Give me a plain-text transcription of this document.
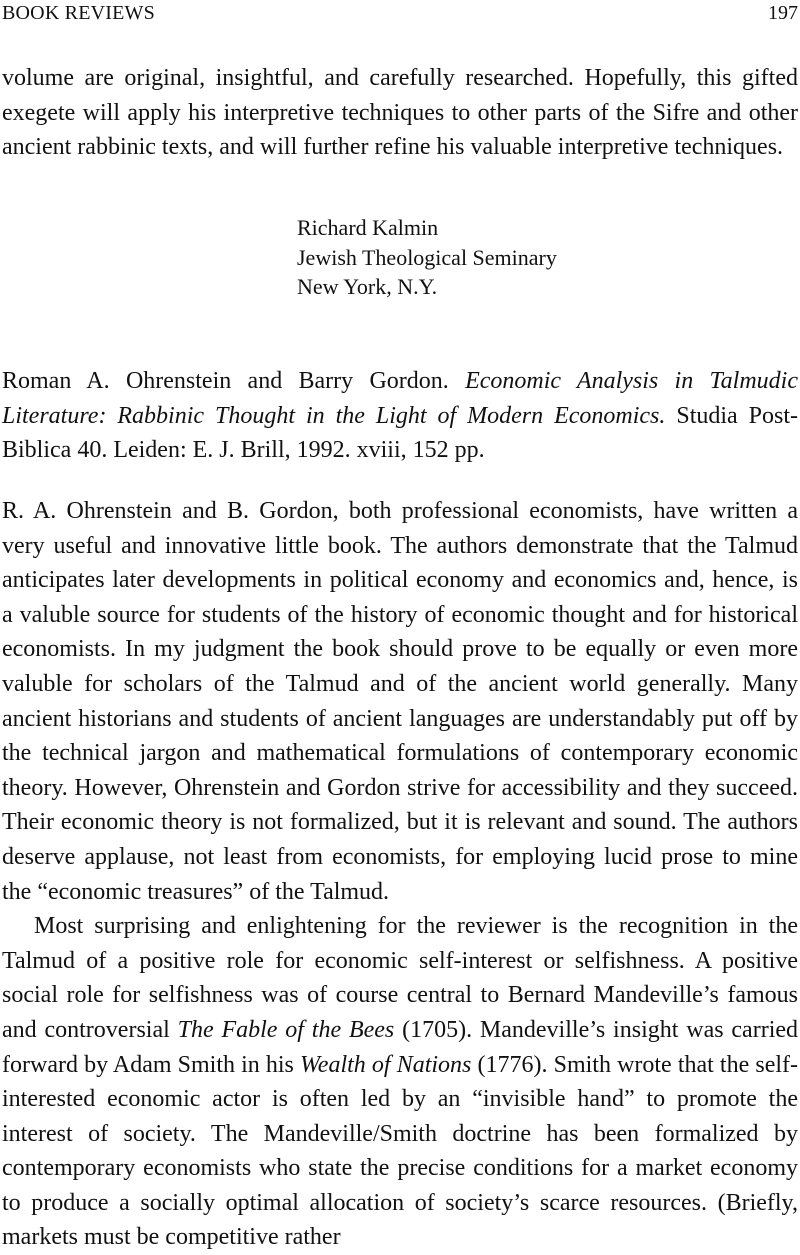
BOOK REVIEWS	197

volume are original, insightful, and carefully researched. Hopefully, this gifted exegete will apply his interpretive techniques to other parts of the Sifre and other ancient rabbinic texts, and will further refine his valuable interpretive techniques.

Richard Kalmin
Jewish Theological Seminary
New York, N.Y.
Roman A. Ohrenstein and Barry Gordon. Economic Analysis in Talmudic Literature: Rabbinic Thought in the Light of Modern Economics. Studia Post-Biblica 40. Leiden: E. J. Brill, 1992. xviii, 152 pp.

R. A. Ohrenstein and B. Gordon, both professional economists, have written a very useful and innovative little book. The authors demonstrate that the Talmud anticipates later developments in political economy and economics and, hence, is a valuble source for students of the history of economic thought and for historical economists. In my judgment the book should prove to be equally or even more valuble for scholars of the Talmud and of the ancient world generally. Many ancient historians and students of ancient languages are understandably put off by the technical jargon and mathematical formulations of contemporary economic theory. However, Ohrenstein and Gordon strive for accessibility and they succeed. Their economic theory is not formalized, but it is relevant and sound. The authors deserve applause, not least from economists, for employing lucid prose to mine the “economic treasures” of the Talmud.

Most surprising and enlightening for the reviewer is the recognition in the Talmud of a positive role for economic self-interest or selfishness. A positive social role for selfishness was of course central to Bernard Mandeville’s famous and controversial The Fable of the Bees (1705). Mandeville’s insight was carried forward by Adam Smith in his Wealth of Nations (1776). Smith wrote that the self-interested economic actor is often led by an “invisible hand” to promote the interest of society. The Mandeville/Smith doctrine has been formalized by contemporary economists who state the precise conditions for a market economy to produce a socially optimal allocation of society’s scarce resources. (Briefly, markets must be competitive rather
